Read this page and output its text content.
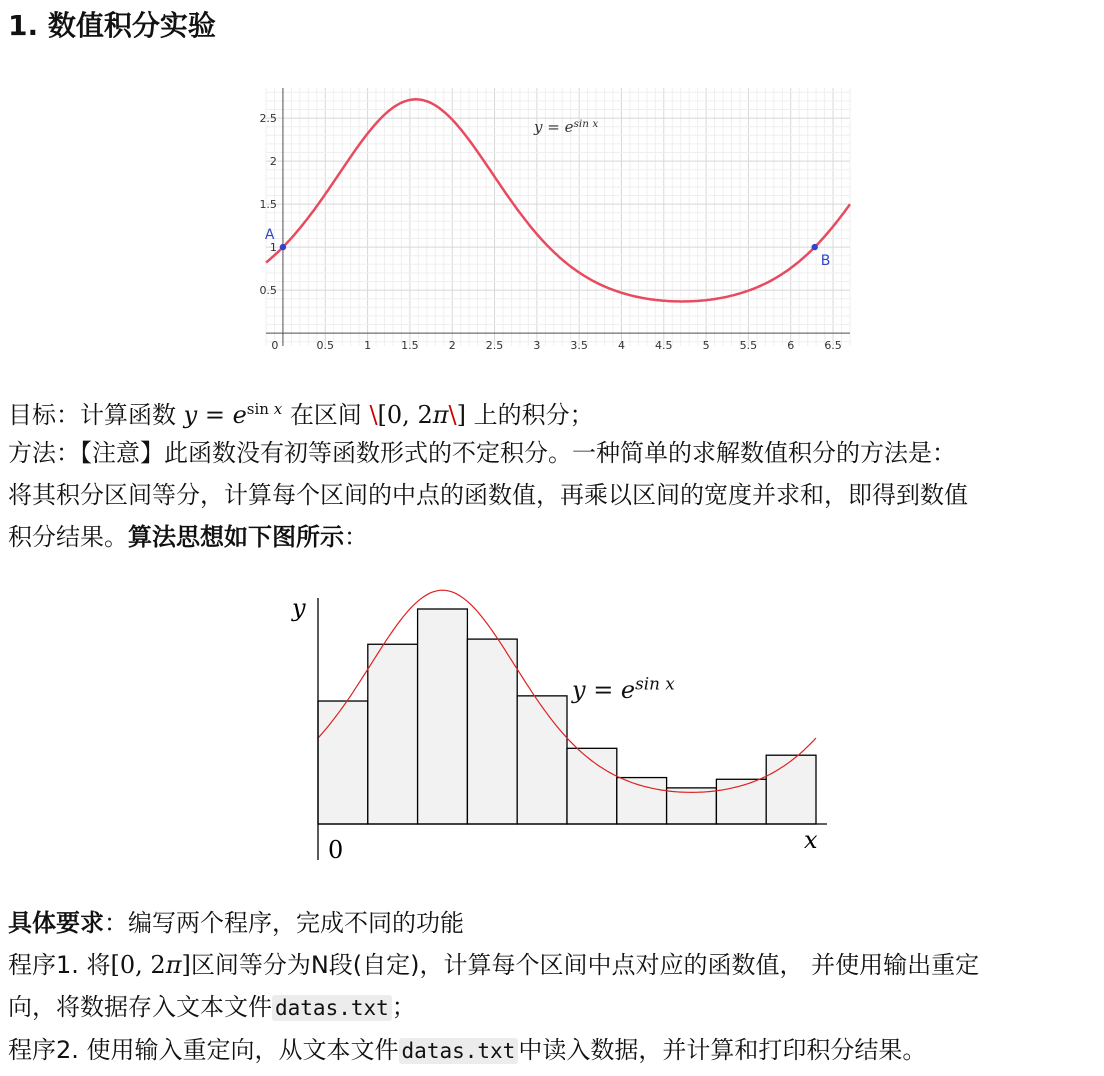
1. 数值积分实验
0	0.5	1	1.5	2	2.5	3	3.5	4	4.5	5	5.5	6	6.5
0.5
1
1.5
2
2.5
A
B
$y = e^{sin x}$

目标：计算函数 $y = e^{sin x}$ 在区间 \[0, 2π\] 上的积分；

方法：【注意】此函数没有初等函数形式的不定积分。一种简单的求解数值积分的方法是：
将其积分区间等分，计算每个区间的中点的函数值，再乘以区间的宽度并求和，即得到数值
积分结果。算法思想如下图所示：

y
x
0
$y = e^{sin x}$

具体要求：编写两个程序，完成不同的功能
程序1. 将[0, 2π]区间等分为N段(自定)，计算每个区间中点对应的函数值， 并使用输出重定
向，将数据存入文本文件 datas.txt ；
程序2. 使用输入重定向，从文本文件 datas.txt 中读入数据，并计算和打印积分结果。
